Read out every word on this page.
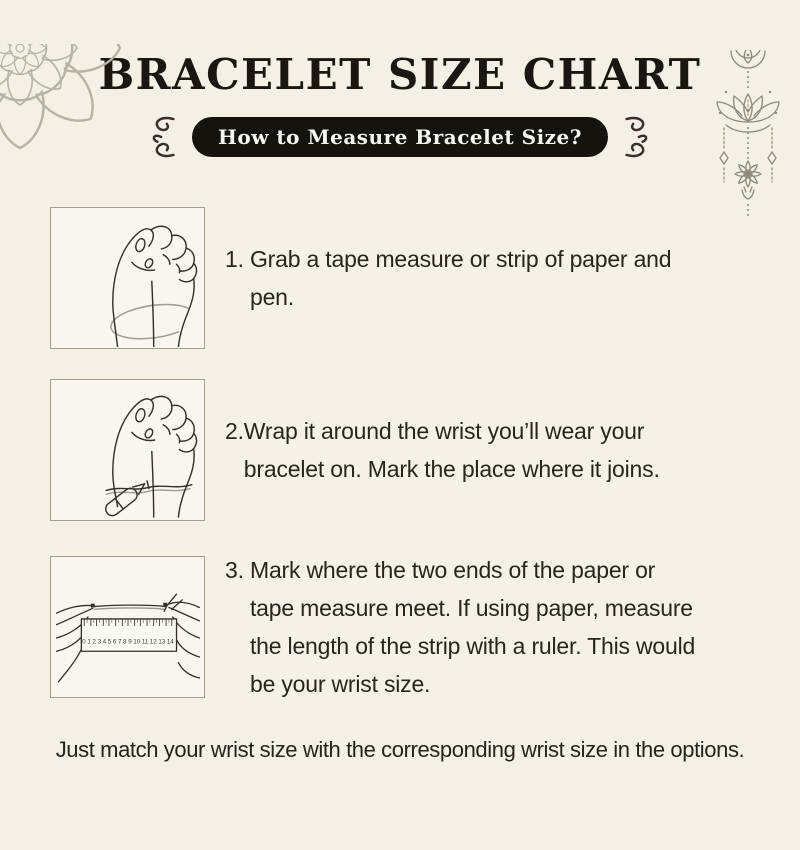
BRACELET SIZE CHART
How to Measure Bracelet Size?
1. Grab a tape measure or strip of paper and
pen.
2. Wrap it around the wrist you’ll wear your
bracelet on. Mark the place where it joins.
0 1 2 3 4 5 6 7 8 9 10 11 12 13 14
3. Mark where the two ends of the paper or
tape measure meet. If using paper, measure
the length of the strip with a ruler. This would
be your wrist size.

Just match your wrist size with the corresponding wrist size in the options.
